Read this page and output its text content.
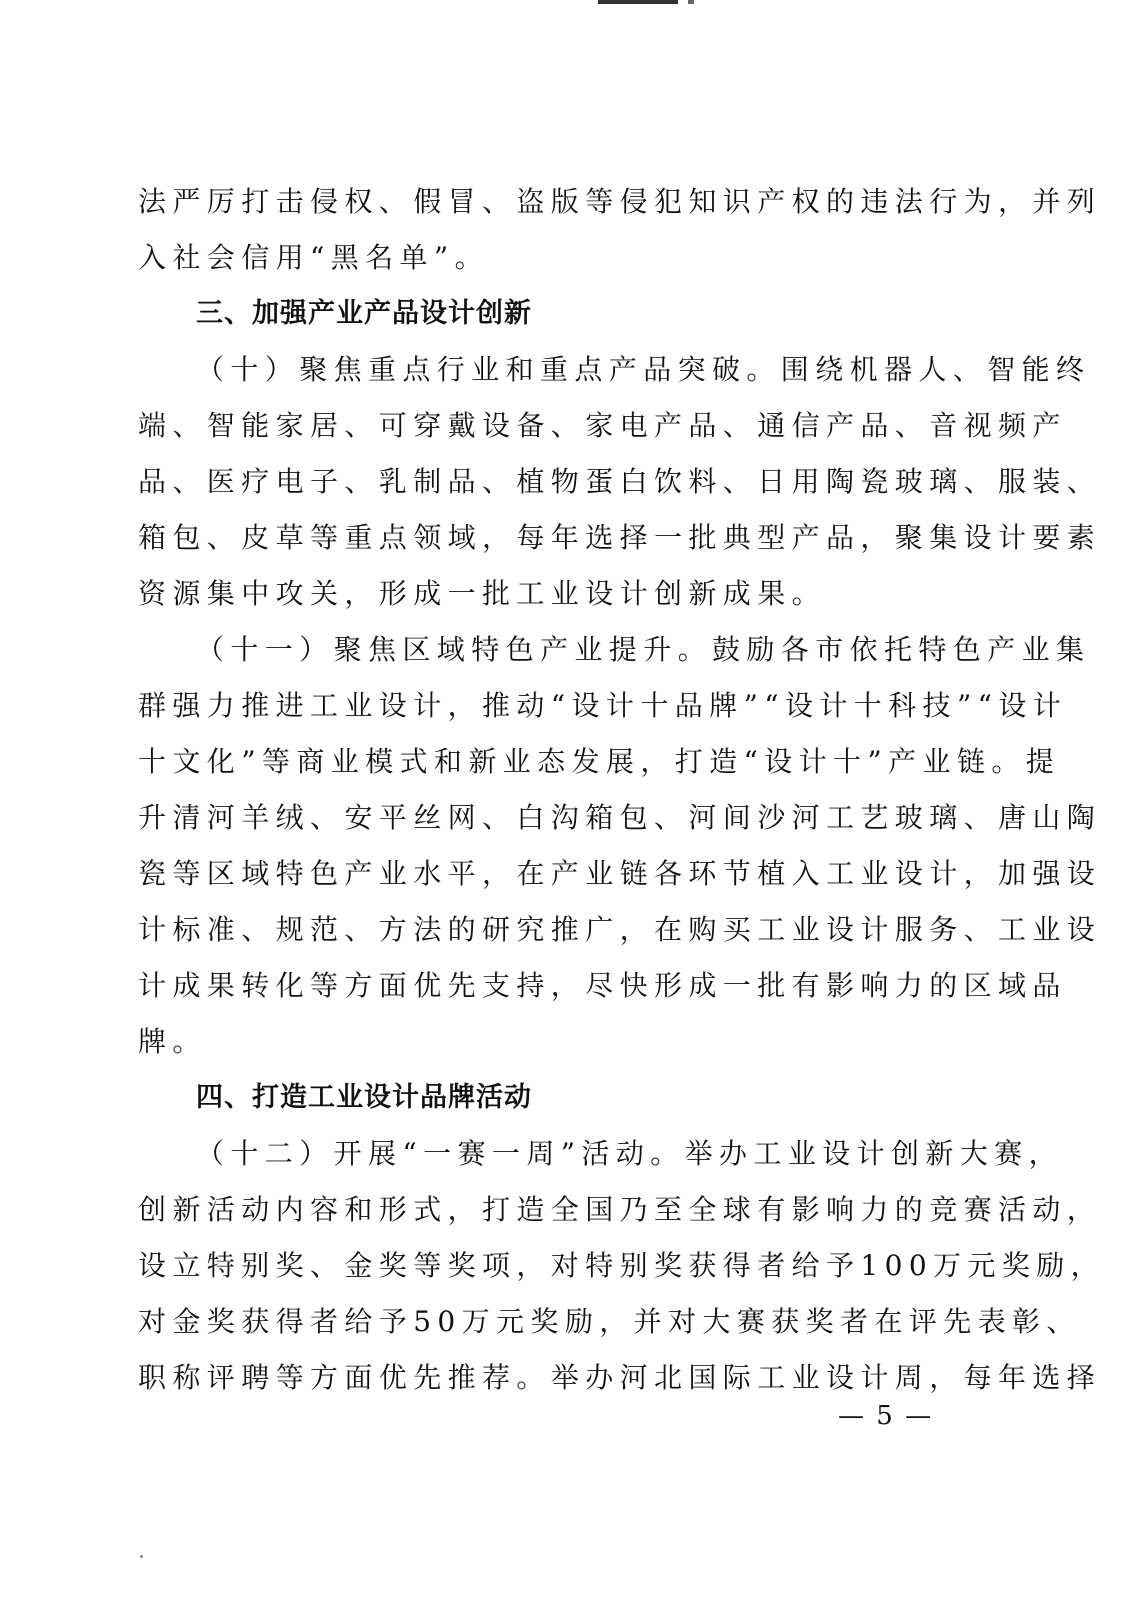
法严厉打击侵权、假冒、盗版等侵犯知识产权的违法行为，并列
入社会信用“黑名单”。
三、加强产业产品设计创新
（十）聚焦重点行业和重点产品突破。围绕机器人、智能终
端、智能家居、可穿戴设备、家电产品、通信产品、音视频产
品、医疗电子、乳制品、植物蛋白饮料、日用陶瓷玻璃、服装、
箱包、皮草等重点领域，每年选择一批典型产品，聚集设计要素
资源集中攻关，形成一批工业设计创新成果。
（十一）聚焦区域特色产业提升。鼓励各市依托特色产业集
群强力推进工业设计，推动“设计十品牌”“设计十科技”“设计
十文化”等商业模式和新业态发展，打造“设计十”产业链。提
升清河羊绒、安平丝网、白沟箱包、河间沙河工艺玻璃、唐山陶
瓷等区域特色产业水平，在产业链各环节植入工业设计，加强设
计标准、规范、方法的研究推广，在购买工业设计服务、工业设
计成果转化等方面优先支持，尽快形成一批有影响力的区域品
牌。
四、打造工业设计品牌活动
（十二）开展“一赛一周”活动。举办工业设计创新大赛，
创新活动内容和形式，打造全国乃至全球有影响力的竞赛活动，
设立特别奖、金奖等奖项，对特别奖获得者给予100万元奖励，
对金奖获得者给予50万元奖励，并对大赛获奖者在评先表彰、
职称评聘等方面优先推荐。举办河北国际工业设计周，每年选择
— 5 —
